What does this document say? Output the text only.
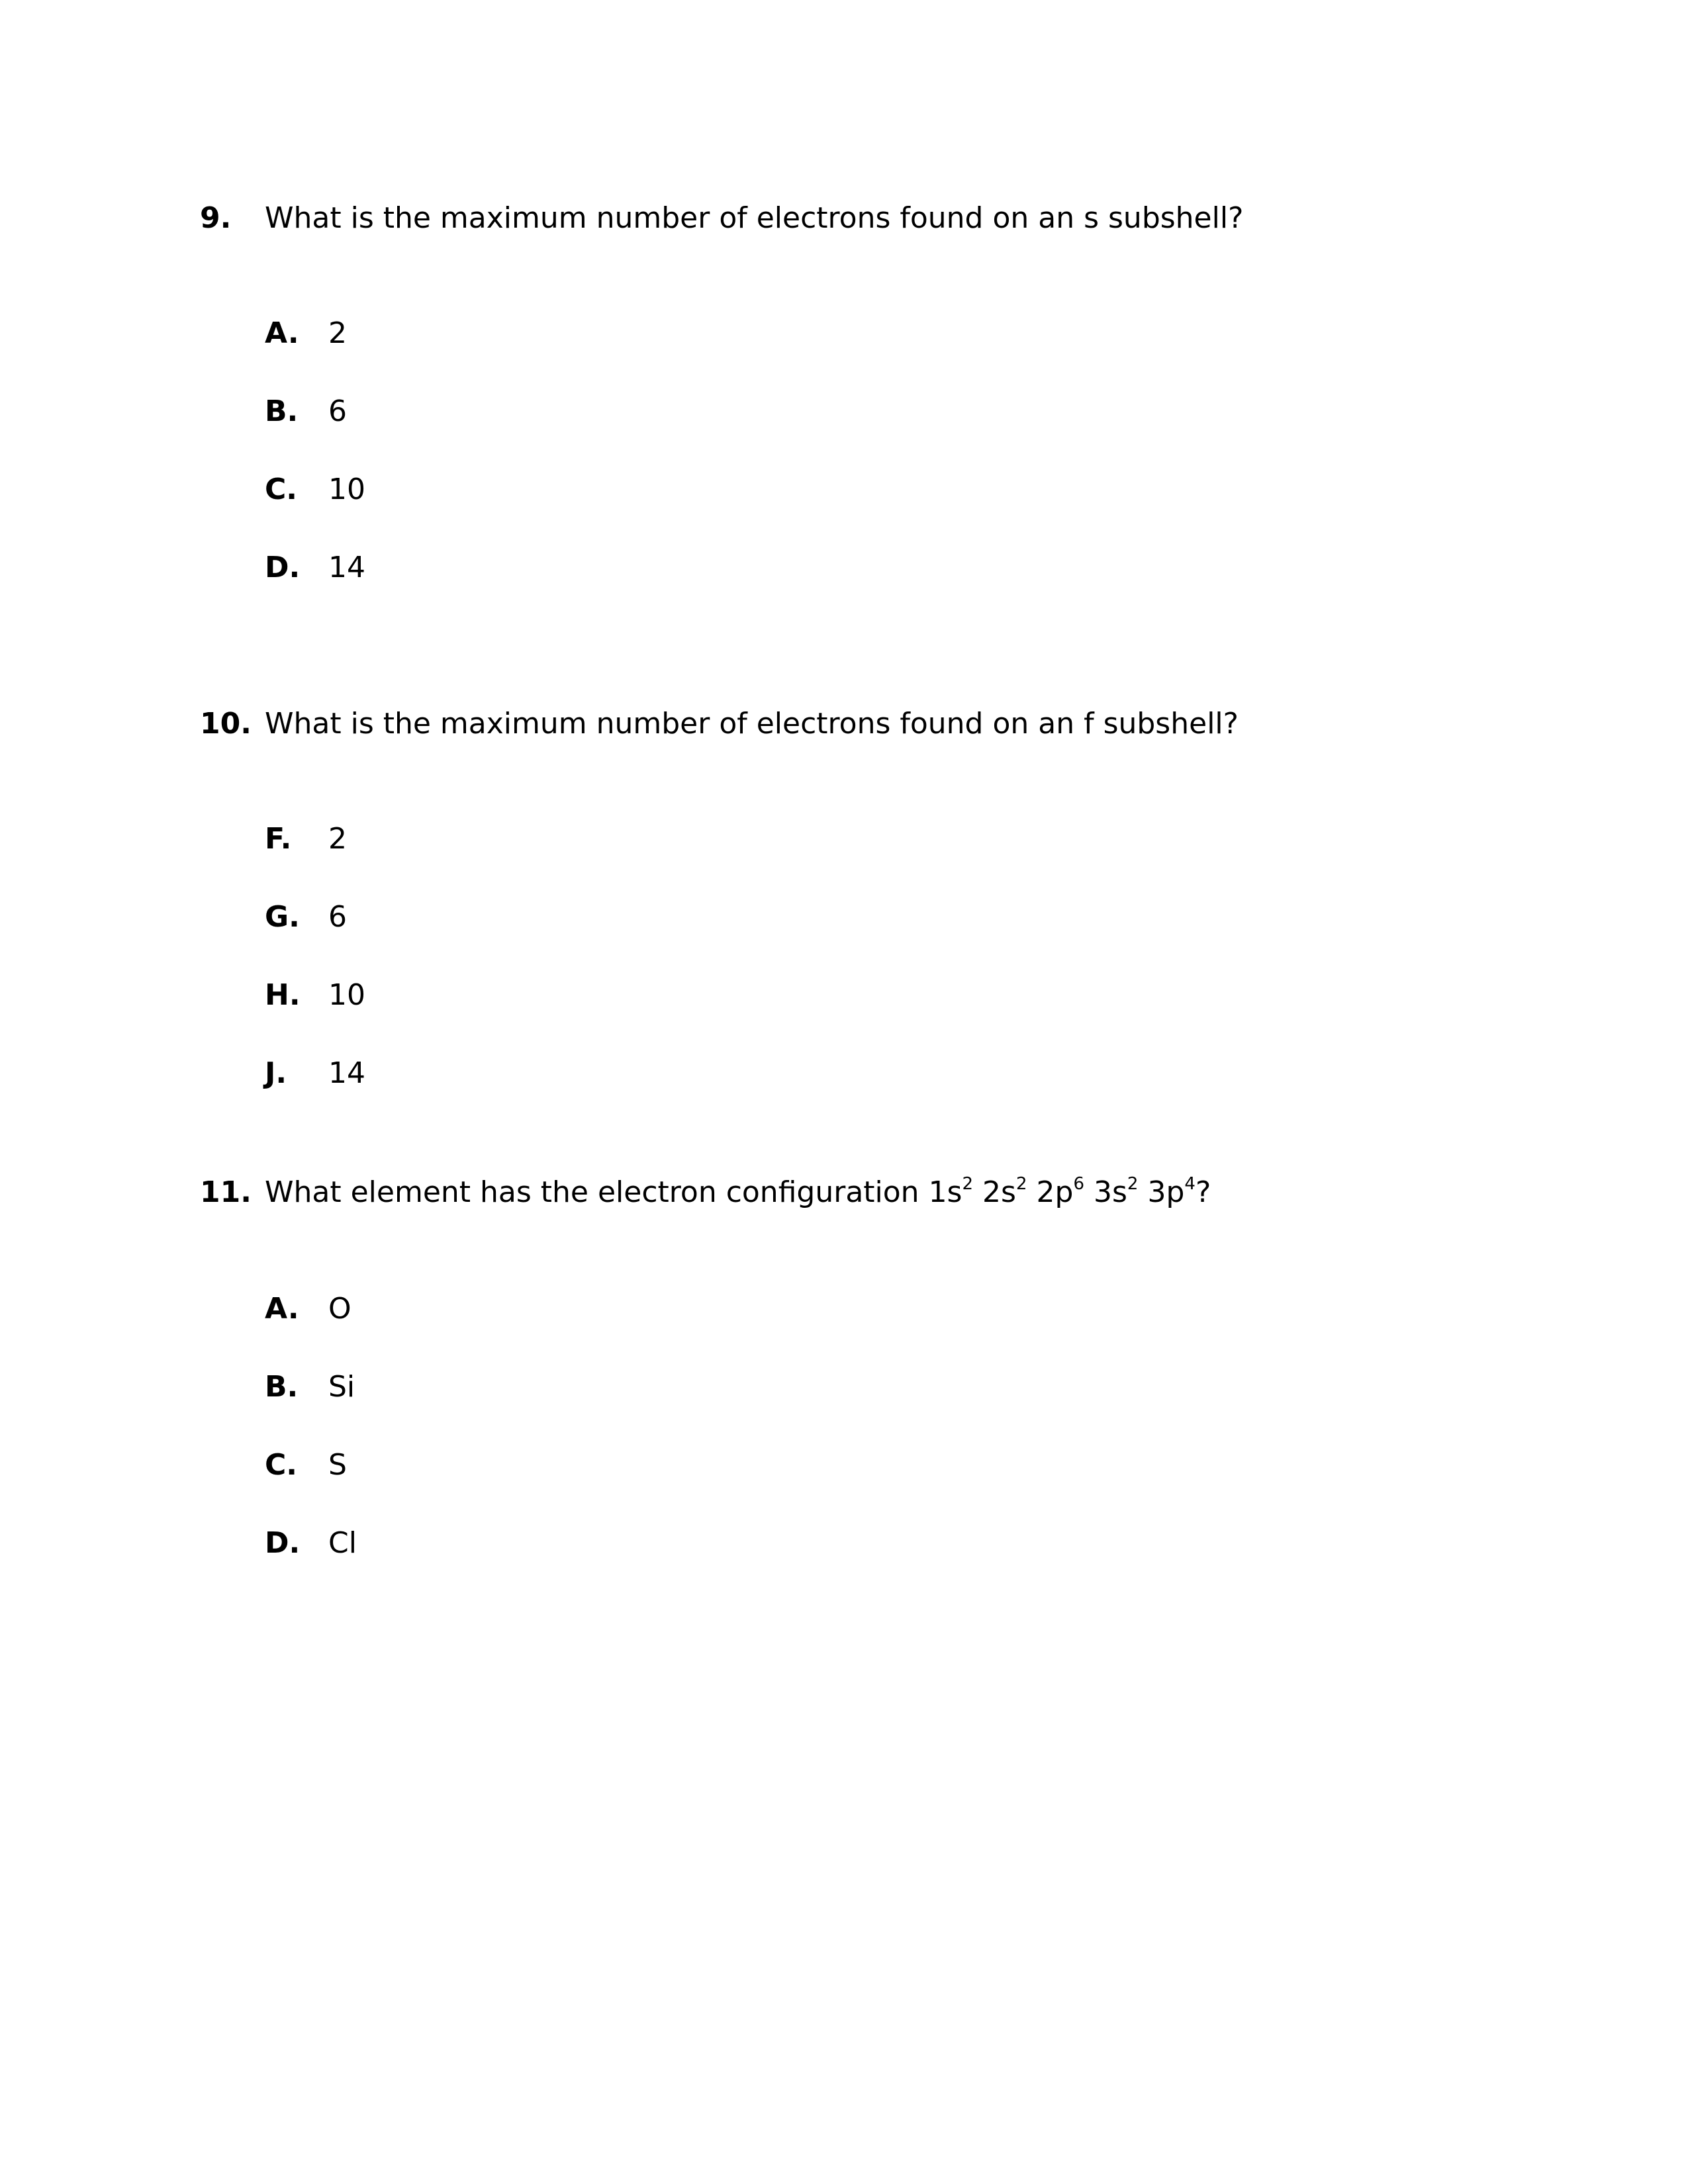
9. What is the maximum number of electrons found on an s subshell?
A. 2
B. 6
C. 10
D. 14
10. What is the maximum number of electrons found on an f subshell?
F. 2
G. 6
H. 10
J. 14
11. What element has the electron configuration $1s^2$ $2s^2$ $2p^6$ $3s^2$ $3p^4$?
A. O
B. Si
C. S
D. Cl
